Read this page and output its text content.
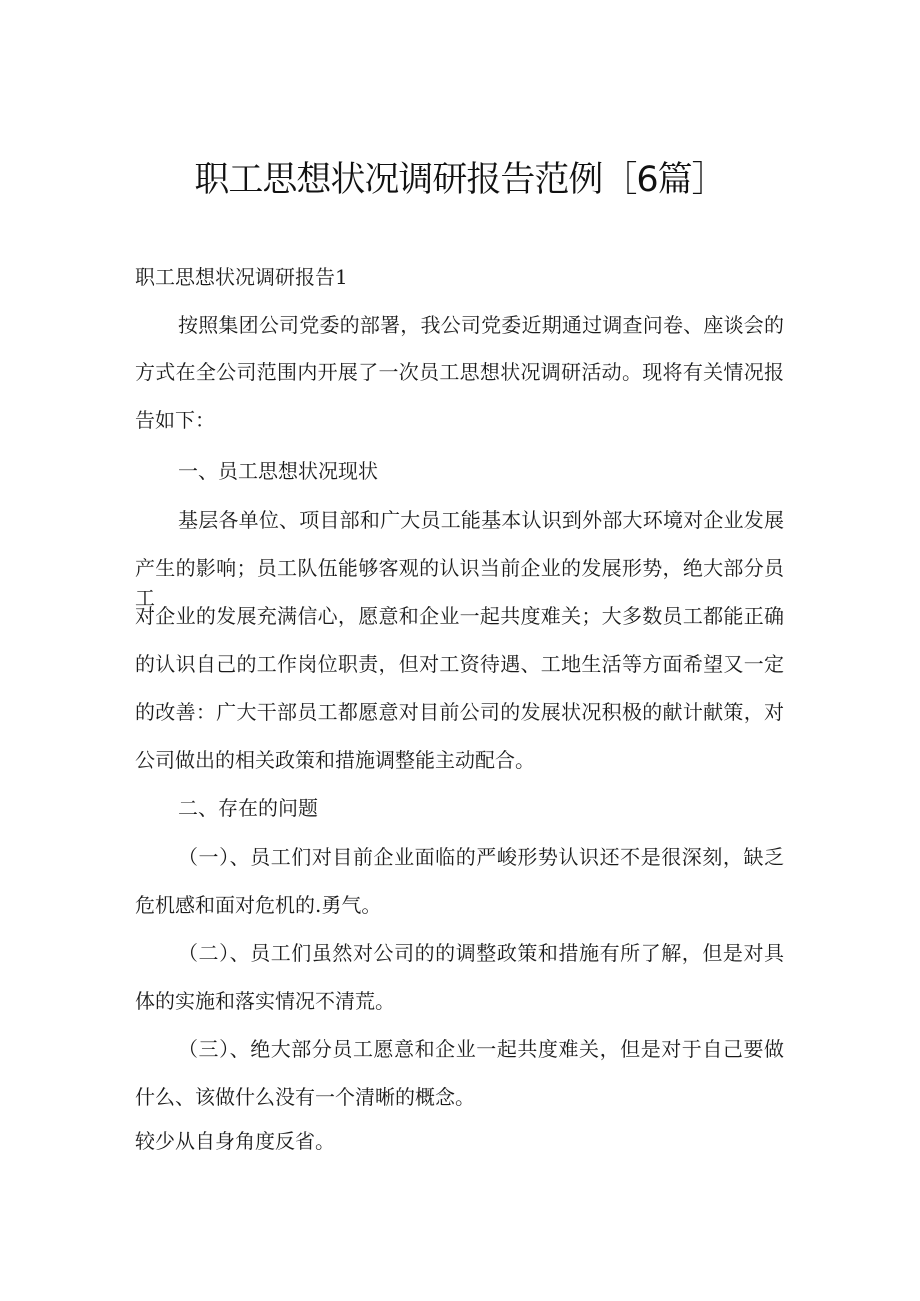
职工思想状况调研报告范例［6篇］

职工思想状况调研报告1

按照集团公司党委的部署，我公司党委近期通过调查问卷、座谈会的

方式在全公司范围内开展了一次员工思想状况调研活动。现将有关情况报

告如下：

一、员工思想状况现状

基层各单位、项目部和广大员工能基本认识到外部大环境对企业发展

产生的影响；员工队伍能够客观的认识当前企业的发展形势，绝大部分员工

对企业的发展充满信心，愿意和企业一起共度难关；大多数员工都能正确

的认识自己的工作岗位职责，但对工资待遇、工地生活等方面希望又一定

的改善：广大干部员工都愿意对目前公司的发展状况积极的献计献策，对

公司做出的相关政策和措施调整能主动配合。

二、存在的问题

（一）、员工们对目前企业面临的严峻形势认识还不是很深刻，缺乏

危机感和面对危机的.勇气。

（二）、员工们虽然对公司的的调整政策和措施有所了解，但是对具

体的实施和落实情况不清荒。

（三）、绝大部分员工愿意和企业一起共度难关，但是对于自己要做

什么、该做什么没有一个清晰的概念。

较少从自身角度反省。
